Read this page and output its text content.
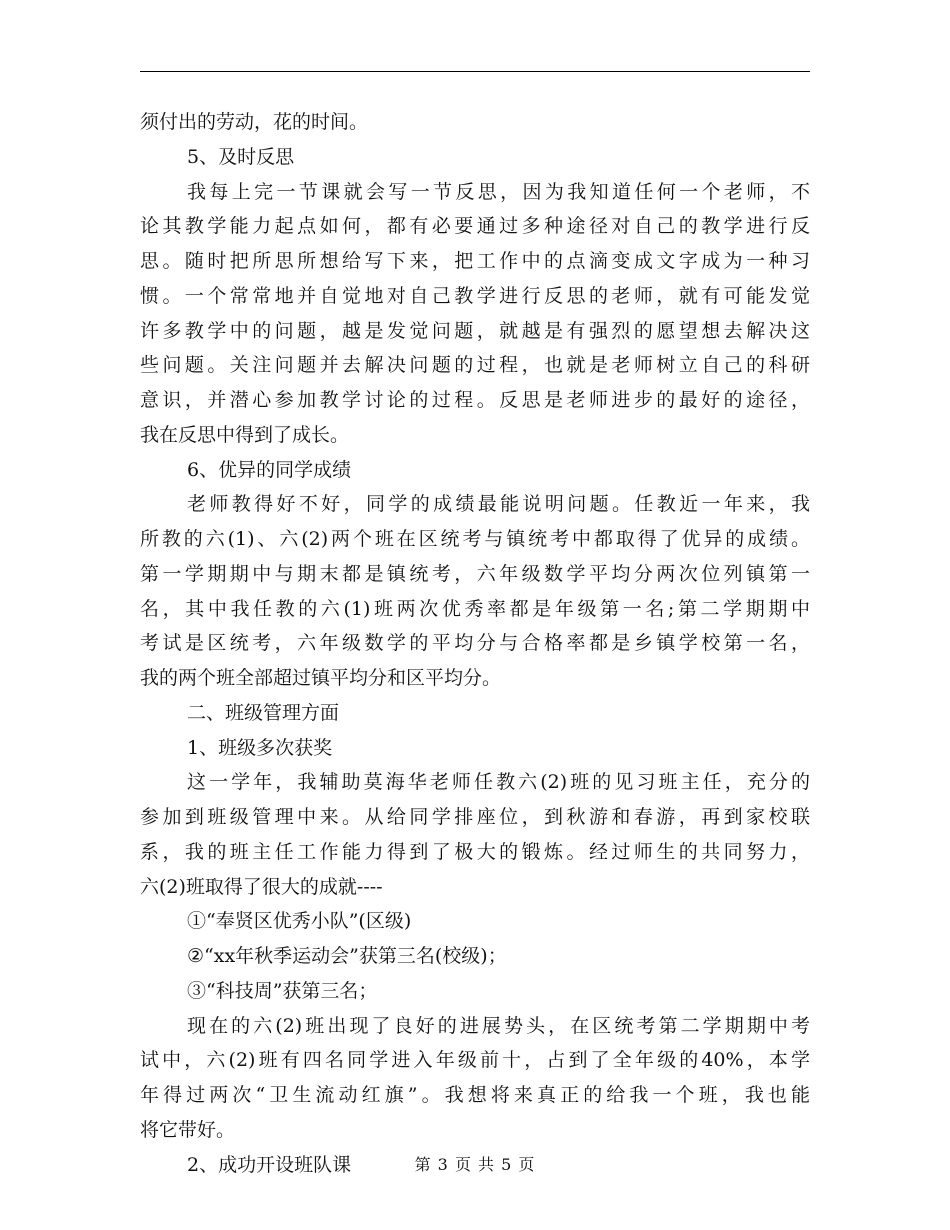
须付出的劳动，花的时间。
5、及时反思
我每上完一节课就会写一节反思，因为我知道任何一个老师，不
论其教学能力起点如何，都有必要通过多种途径对自己的教学进行反
思。随时把所思所想给写下来，把工作中的点滴变成文字成为一种习
惯。一个常常地并自觉地对自己教学进行反思的老师，就有可能发觉
许多教学中的问题，越是发觉问题，就越是有强烈的愿望想去解决这
些问题。关注问题并去解决问题的过程，也就是老师树立自己的科研
意识，并潜心参加教学讨论的过程。反思是老师进步的最好的途径，
我在反思中得到了成长。
6、优异的同学成绩
老师教得好不好，同学的成绩最能说明问题。任教近一年来，我
所教的六(1)、六(2)两个班在区统考与镇统考中都取得了优异的成绩。
第一学期期中与期末都是镇统考，六年级数学平均分两次位列镇第一
名，其中我任教的六(1)班两次优秀率都是年级第一名;第二学期期中
考试是区统考，六年级数学的平均分与合格率都是乡镇学校第一名，
我的两个班全部超过镇平均分和区平均分。
二、班级管理方面
1、班级多次获奖
这一学年，我辅助莫海华老师任教六(2)班的见习班主任，充分的
参加到班级管理中来。从给同学排座位，到秋游和春游，再到家校联
系，我的班主任工作能力得到了极大的锻炼。经过师生的共同努力，
六(2)班取得了很大的成就----
①“奉贤区优秀小队”(区级)
②“xx年秋季运动会”获第三名(校级)；
③“科技周”获第三名；
现在的六(2)班出现了良好的进展势头，在区统考第二学期期中考
试中，六(2)班有四名同学进入年级前十，占到了全年级的40%，本学
年得过两次“卫生流动红旗”。我想将来真正的给我一个班，我也能
将它带好。
2、成功开设班队课	第 3 页 共 5 页
